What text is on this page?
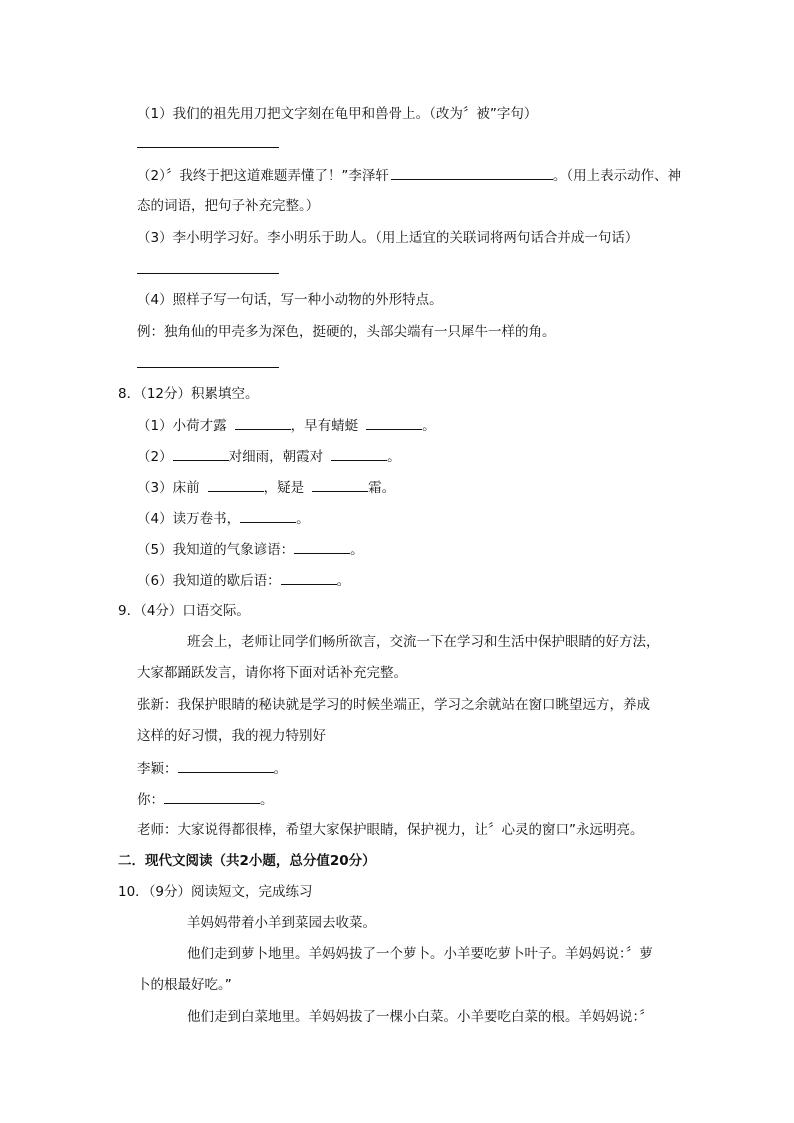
（1）我们的祖先用刀把文字刻在龟甲和兽骨上。（改为〞被”字句）
（2）〞我终于把这道难题弄懂了！”李泽轩	。（用上表示动作、神
态的词语，把句子补充完整。）
（3）李小明学习好。李小明乐于助人。（用上适宜的关联词将两句话合并成一句话）
（4）照样子写一句话，写一种小动物的外形特点。
例：独角仙的甲壳多为深色，挺硬的，头部尖端有一只犀牛一样的角。
8．（12分）积累填空。
（1）小荷才露	，早有蜻蜓	。
（2）	对细雨，朝霞对	。
（3）床前	，疑是	霜。
（4）读万卷书，	。
（5）我知道的气象谚语：	。
（6）我知道的歇后语：	。
9．（4分）口语交际。
班会上，老师让同学们畅所欲言，交流一下在学习和生活中保护眼睛的好方法，
大家都踊跃发言，请你将下面对话补充完整。
张新：我保护眼睛的秘诀就是学习的时候坐端正，学习之余就站在窗口眺望远方，养成
这样的好习惯，我的视力特别好
李颖：	。
你：	。
老师：大家说得都很棒，希望大家保护眼睛，保护视力，让〞心灵的窗口”永远明亮。
二．现代文阅读（共2小题，总分值20分）
10．（9分）阅读短文，完成练习
羊妈妈带着小羊到菜园去收菜。
他们走到萝卜地里。羊妈妈拔了一个萝卜。小羊要吃萝卜叶子。羊妈妈说：〞萝
卜的根最好吃。”
他们走到白菜地里。羊妈妈拔了一棵小白菜。小羊要吃白菜的根。羊妈妈说：〞
